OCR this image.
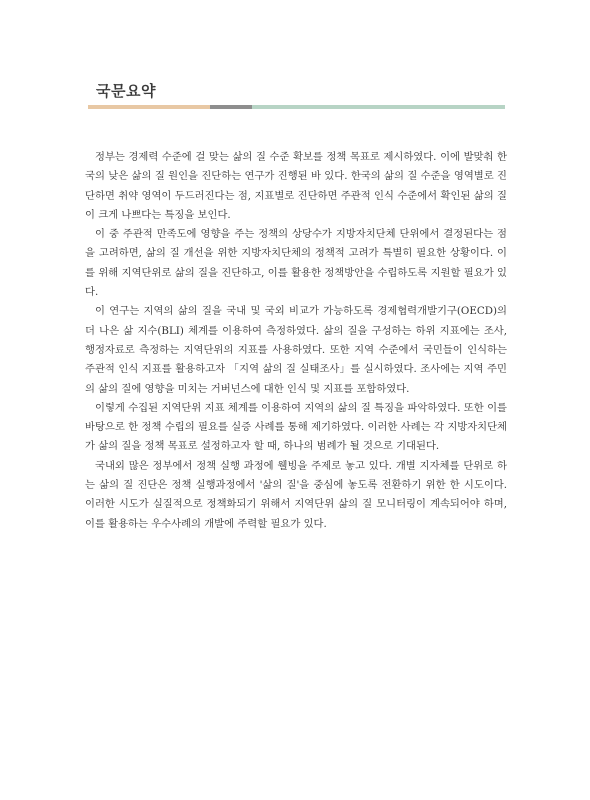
국문요약

정부는 경제력 수준에 걸 맞는 삶의 질 수준 확보를 정책 목표로 제시하였다. 이에 발맞춰 한국의 낮은 삶의 질 원인을 진단하는 연구가 진행된 바 있다. 한국의 삶의 질 수준을 영역별로 진단하면 취약 영역이 두드러진다는 점, 지표별로 진단하면 주관적 인식 수준에서 확인된 삶의 질이 크게 나쁘다는 특징을 보인다.

이 중 주관적 만족도에 영향을 주는 정책의 상당수가 지방자치단체 단위에서 결정된다는 점을 고려하면, 삶의 질 개선을 위한 지방자치단체의 정책적 고려가 특별히 필요한 상황이다. 이를 위해 지역단위로 삶의 질을 진단하고, 이를 활용한 정책방안을 수립하도록 지원할 필요가 있다.

이 연구는 지역의 삶의 질을 국내 및 국외 비교가 가능하도록 경제협력개발기구(OECD)의 더 나은 삶 지수(BLI) 체계를 이용하여 측정하였다. 삶의 질을 구성하는 하위 지표에는 조사, 행정자료로 측정하는 지역단위의 지표를 사용하였다. 또한 지역 수준에서 국민들이 인식하는 주관적 인식 지표를 활용하고자 「지역 삶의 질 실태조사」를 실시하였다. 조사에는 지역 주민의 삶의 질에 영향을 미치는 거버넌스에 대한 인식 및 지표를 포함하였다.

이렇게 수집된 지역단위 지표 체계를 이용하여 지역의 삶의 질 특징을 파악하였다. 또한 이를 바탕으로 한 정책 수립의 필요를 실증 사례를 통해 제기하였다. 이러한 사례는 각 지방자치단체가 삶의 질을 정책 목표로 설정하고자 할 때, 하나의 범례가 될 것으로 기대된다.

국내외 많은 정부에서 정책 실행 과정에 웰빙을 주제로 놓고 있다. 개별 지자체를 단위로 하는 삶의 질 진단은 정책 실행과정에서 '삶의 질'을 중심에 놓도록 전환하기 위한 한 시도이다. 이러한 시도가 실질적으로 정책화되기 위해서 지역단위 삶의 질 모니터링이 계속되어야 하며, 이를 활용하는 우수사례의 개발에 주력할 필요가 있다.
